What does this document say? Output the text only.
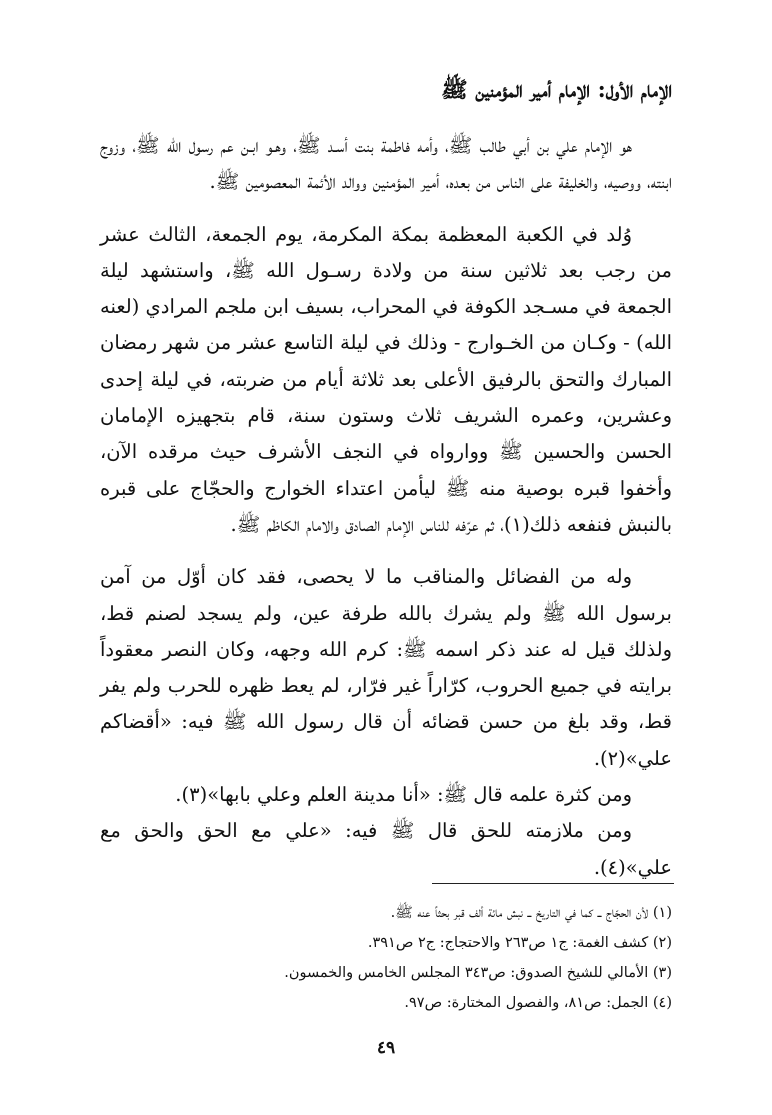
الإمام الأول: الإمام أمير المؤمنين ﷺ

هو الإمام علي بن أبي طالب ﷺ، وأمه فاطمة بنت أسـد ﷺ، وهـو ابـن عم رسول الله ﷺ، وزوج ابنته، ووصيه، والخليفة على الناس من بعده، أمير المؤمنين ووالد الأئمة المعصومين ﷺ.

وُلد في الكعبة المعظمة بمكة المكرمة، يوم الجمعة، الثالث عشر من رجب بعد ثلاثين سنة من ولادة رسـول الله ﷺ، واستشهد ليلة الجمعة في مسـجد الكوفة في المحراب، بسيف ابن ملجم المرادي (لعنه الله) - وكـان من الخـوارج - وذلك في ليلة التاسع عشر من شهر رمضان المبارك والتحق بالرفيق الأعلى بعد ثلاثة أيام من ضربته، في ليلة إحدى وعشرين، وعمره الشريف ثلاث وستون سنة، قام بتجهيزه الإمامان الحسن والحسين ﷺ ووارواه في النجف الأشرف حيث مرقده الآن، وأخفوا قبره بوصية منه ﷺ ليأمن اعتداء الخوارج والحجّاج على قبره بالنبش فنفعه ذلك(١)، ثم عرّفه للناس الإمام الصادق والامام الكاظم ﷺ.

وله من الفضائل والمناقب ما لا يحصى، فقد كان أوّل من آمن برسول الله ﷺ ولم يشرك بالله طرفة عين، ولم يسجد لصنم قط، ولذلك قيل له عند ذكر اسمه ﷺ: كرم الله وجهه، وكان النصر معقوداً برايته في جميع الحروب، كرّاراً غير فرّار، لم يعط ظهره للحرب ولم يفر قط، وقد بلغ من حسن قضائه أن قال رسول الله ﷺ فيه: «أقضاكم علي»(٢).

ومن كثرة علمه قال ﷺ: «أنا مدينة العلم وعلي بابها»(٣).

ومن ملازمته للحق قال ﷺ فيه: «علي مع الحق والحق مع علي»(٤).

(١) لأن الحجّاج ــ كما في التاريخ ــ نبش مائة ألف قبر بحثاً عنه ﷺ.
(٢) كشف الغمة: ج١ ص٢٦٣ والاحتجاج: ج٢ ص٣٩١.
(٣) الأمالي للشيخ الصدوق: ص٣٤٣ المجلس الخامس والخمسون.
(٤) الجمل: ص٨١، والفصول المختارة: ص٩٧.
٤٩
